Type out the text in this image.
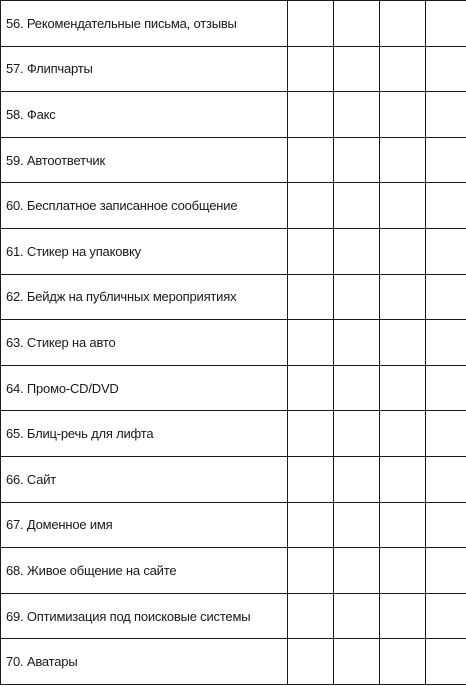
56. Рекомендательные письма, отзывы				
57. Флипчарты				
58. Факс				
59. Автоответчик				
60. Бесплатное записанное сообщение				
61. Стикер на упаковку				
62. Бейдж на публичных мероприятиях				
63. Стикер на авто				
64. Промо-CD/DVD				
65. Блиц-речь для лифта				
66. Сайт				
67. Доменное имя				
68. Живое общение на сайте				
69. Оптимизация под поисковые системы				
70. Аватары				
